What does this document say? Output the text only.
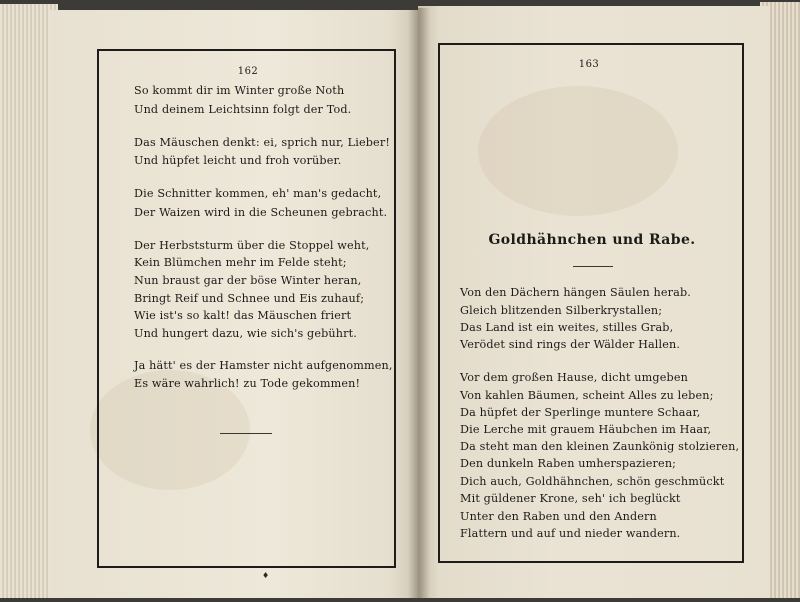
162
So kommt dir im Winter große Noth
Und deinem Leichtsinn folgt der Tod.
Das Mäuschen denkt: ei, sprich nur, Lieber!
Und hüpfet leicht und froh vorüber.
Die Schnitter kommen, eh' man's gedacht,
Der Waizen wird in die Scheunen gebracht.
Der Herbststurm über die Stoppel weht,
Kein Blümchen mehr im Felde steht;
Nun braust gar der böse Winter heran,
Bringt Reif und Schnee und Eis zuhauf;
Wie ist's so kalt! das Mäuschen friert
Und hungert dazu, wie sich's gebührt.
Ja hätt' es der Hamster nicht aufgenommen,
Es wäre wahrlich! zu Tode gekommen!
♦
163
Goldhähnchen und Rabe.
Von den Dächern hängen Säulen herab.
Gleich blitzenden Silberkrystallen;
Das Land ist ein weites, stilles Grab,
Verödet sind rings der Wälder Hallen.
Vor dem großen Hause, dicht umgeben
Von kahlen Bäumen, scheint Alles zu leben;
Da hüpfet der Sperlinge muntere Schaar,
Die Lerche mit grauem Häubchen im Haar,
Da steht man den kleinen Zaunkönig stolzieren,
Den dunkeln Raben umherspazieren;
Dich auch, Goldhähnchen, schön geschmückt
Mit güldener Krone, seh' ich beglückt
Unter den Raben und den Andern
Flattern und auf und nieder wandern.
